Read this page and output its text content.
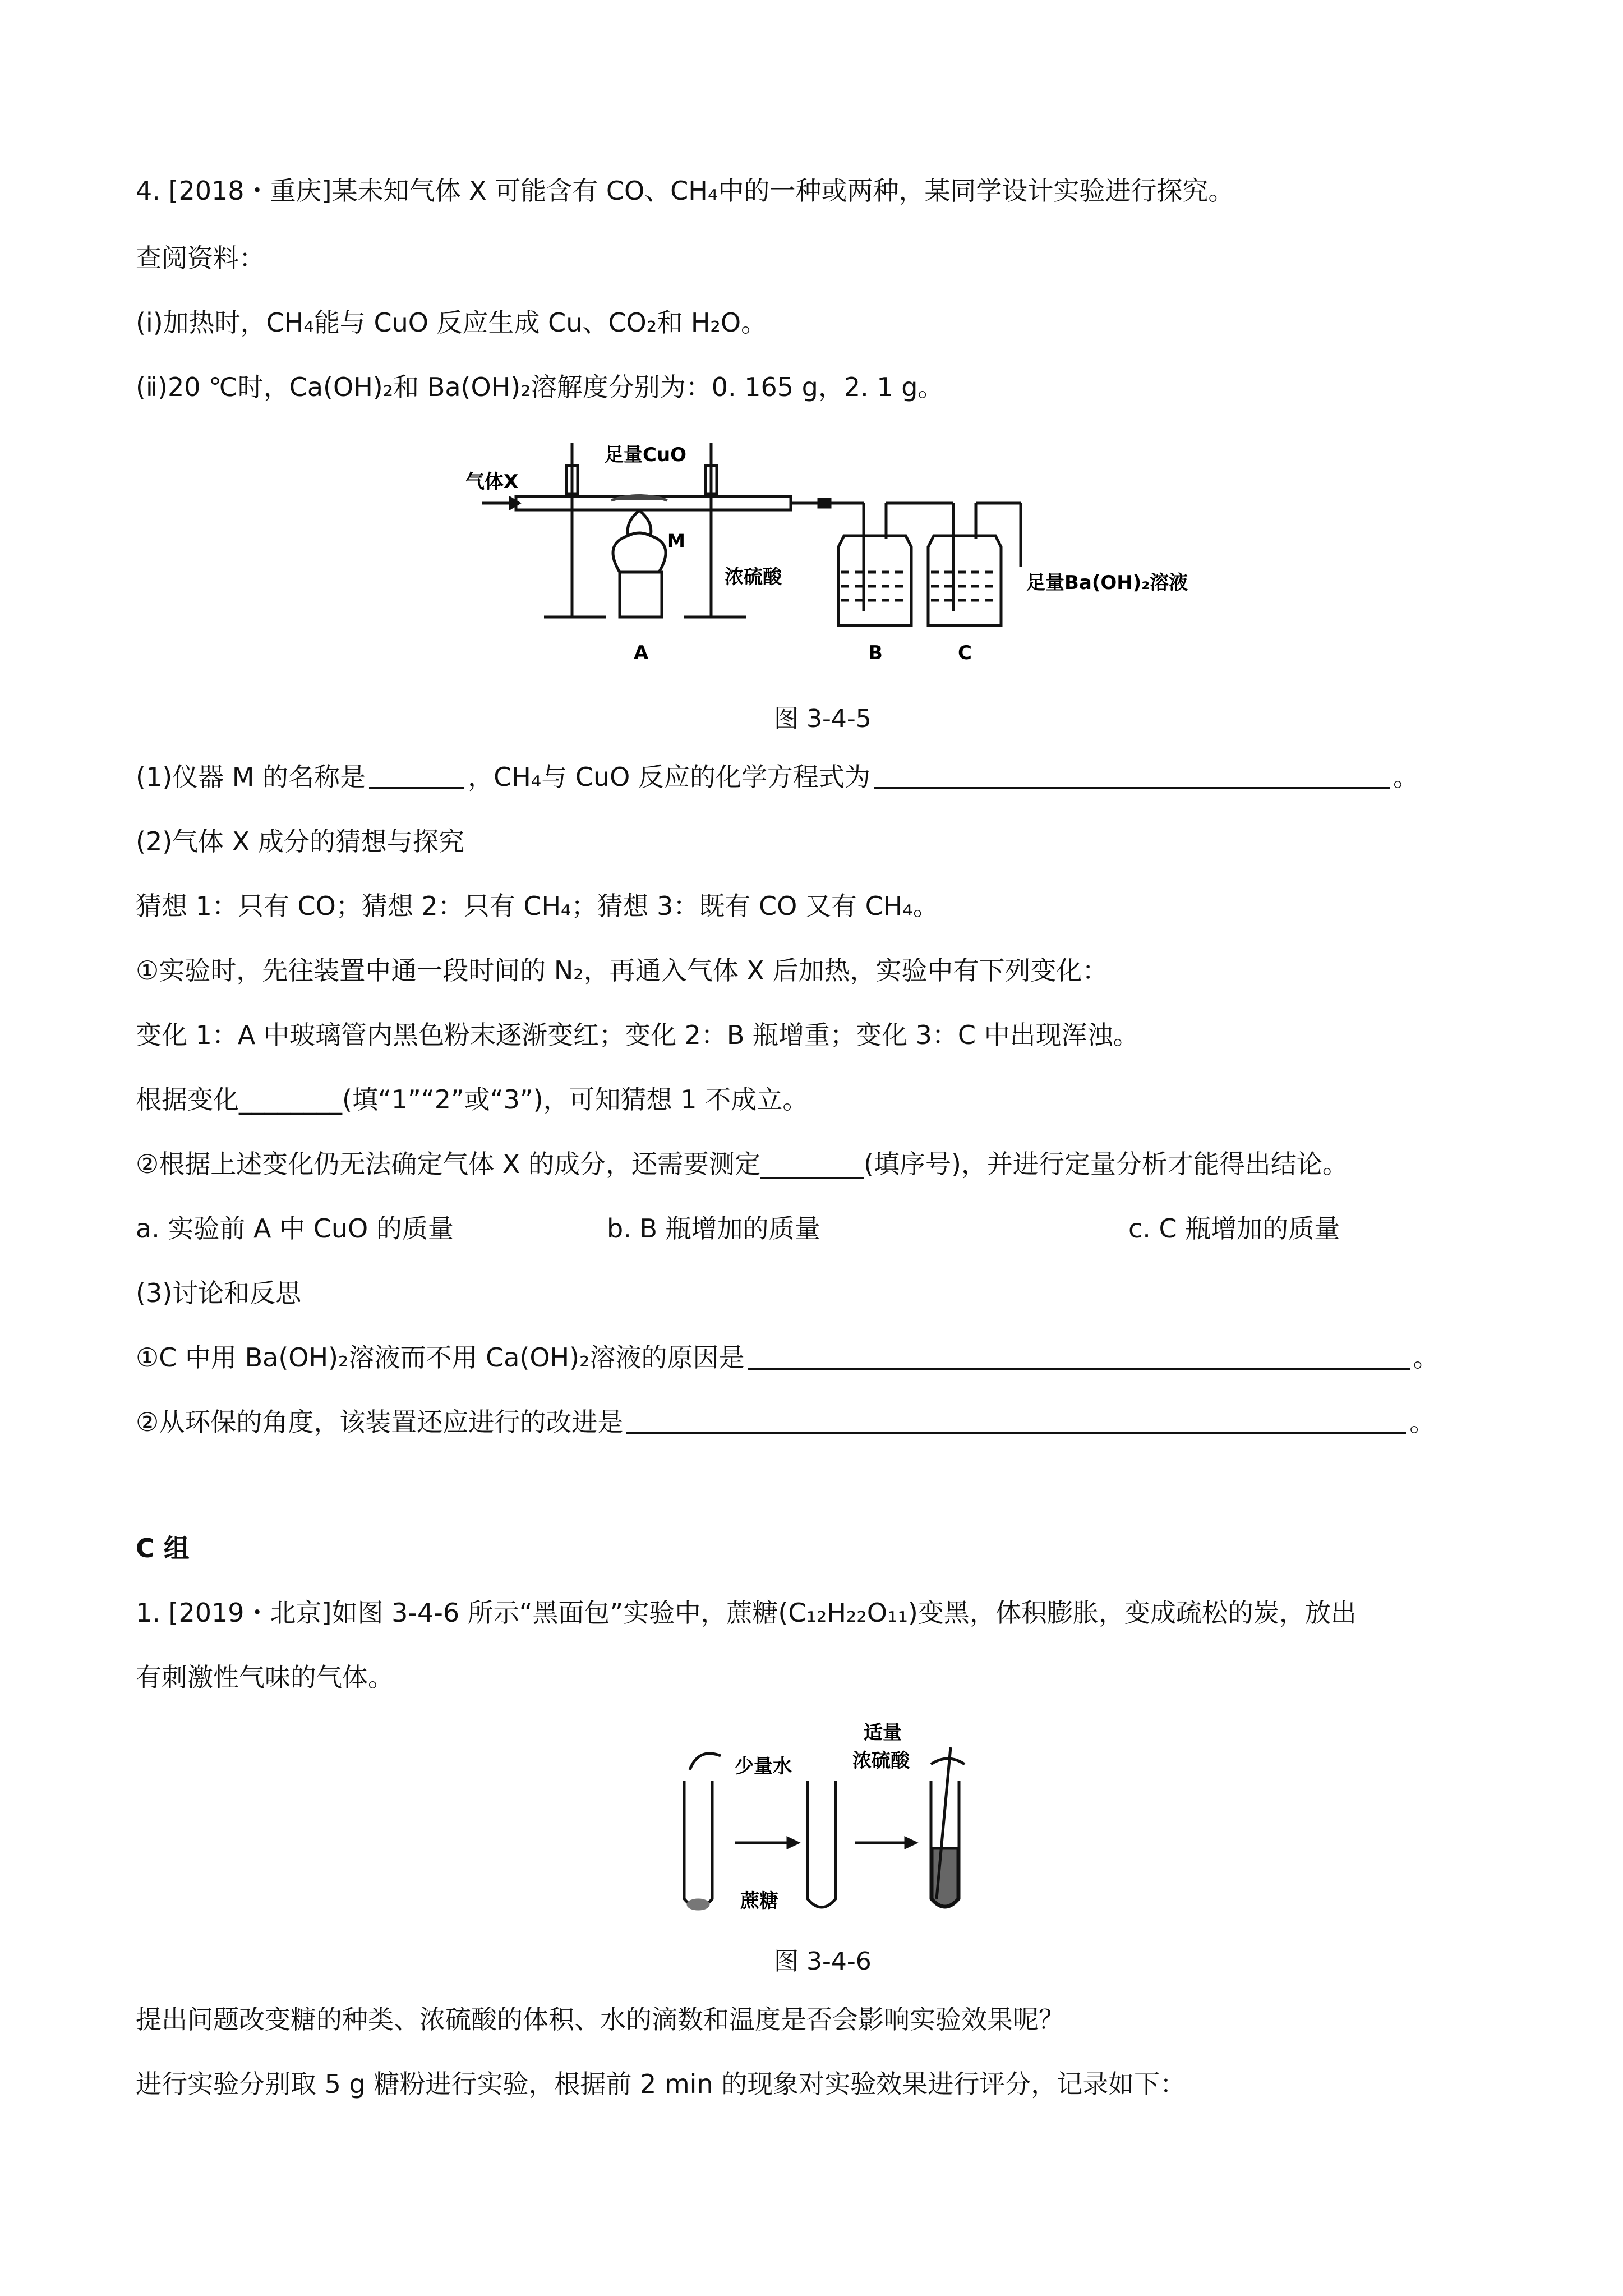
4. [2018・重庆]某未知气体 X 可能含有 CO、CH₄中的一种或两种，某同学设计实验进行探究。
查阅资料：
(ⅰ)加热时，CH₄能与 CuO 反应生成 Cu、CO₂和 H₂O。
(ⅱ)20 ℃时，Ca(OH)₂和 Ba(OH)₂溶解度分别为：0. 165 g，2. 1 g。
气体X
足量CuO
M
浓硫酸	足量Ba(OH)₂溶液
A	B	C
图 3-4-5
(1)仪器 M 的名称是	，CH₄与 CuO 反应的化学方程式为	。
(2)气体 X 成分的猜想与探究
猜想 1：只有 CO；猜想 2：只有 CH₄；猜想 3：既有 CO 又有 CH₄。
①实验时，先往装置中通一段时间的 N₂，再通入气体 X 后加热，实验中有下列变化：
变化 1：A 中玻璃管内黑色粉末逐渐变红；变化 2：B 瓶增重；变化 3：C 中出现浑浊。
根据变化________(填“1”“2”或“3”)，可知猜想 1 不成立。
②根据上述变化仍无法确定气体 X 的成分，还需要测定________(填序号)，并进行定量分析才能得出结论。
a. 实验前 A 中 CuO 的质量	b. B 瓶增加的质量	c. C 瓶增加的质量
(3)讨论和反思
①C 中用 Ba(OH)₂溶液而不用 Ca(OH)₂溶液的原因是	。
②从环保的角度，该装置还应进行的改进是	。
C 组
1. [2019・北京]如图 3-4-6 所示“黑面包”实验中，蔗糖(C₁₂H₂₂O₁₁)变黑，体积膨胀，变成疏松的炭，放出
有刺激性气味的气体。
少量水
适量
浓硫酸
蔗糖
图 3-4-6
提出问题改变糖的种类、浓硫酸的体积、水的滴数和温度是否会影响实验效果呢？
进行实验分别取 5 g 糖粉进行实验，根据前 2 min 的现象对实验效果进行评分，记录如下：
